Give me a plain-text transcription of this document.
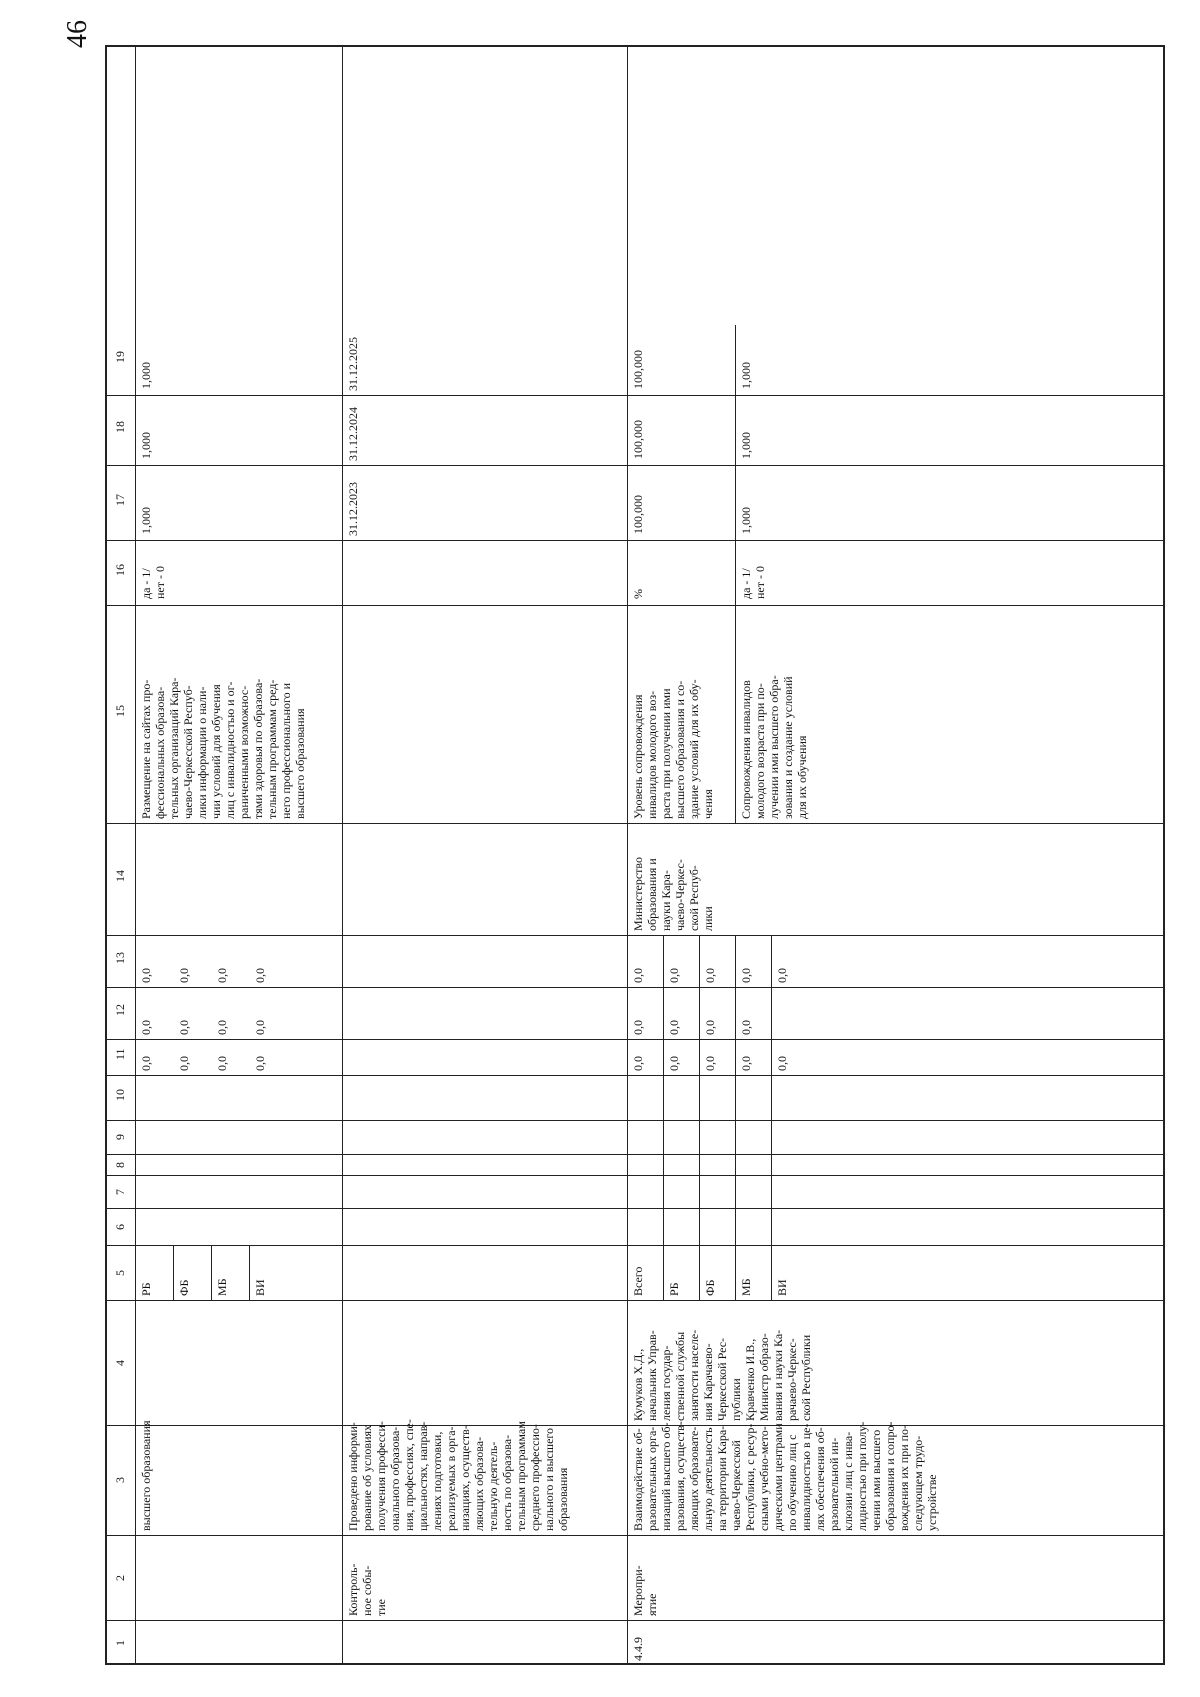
46
1
2
3
4
5
6
7
8
9
10
11
12
13
14
15
16
17
18
19
высшего образования
РБ
0,0
0,0
0,0
ФБ
0,0
0,0
0,0
МБ
0,0
0,0
0,0
ВИ
0,0
0,0
0,0
Размещение на сайтах про-
фессиональных образова-
тельных организаций Кара-
чаево-Черкесской Респуб-
лики информации о нали-
чии условий для обучения
лиц с инвалидностью и ог-
раниченными возможнос-
тями здоровья по образова-
тельным программам сред-
него профессионального и
высшего образования
да - 1/
нет - 0
1,000
1,000
1,000
Контроль-
ное собы-
тие
Проведено информи-
рование об условиях
получения професси-
онального образова-
ния, профессиях, спе-
циальностях, направ-
лениях подготовки,
реализуемых в орга-
низациях, осуществ-
ляющих образова-
тельную деятель-
ность по образова-
тельным программам
среднего профессио-
нального и высшего
образования
31.12.2023
31.12.2024
31.12.2025
4.4.9
Меропри-
ятие
Взаимодействие об-
разовательных орга-
низаций высшего об-
разования, осуществ-
ляющих образовате-
льную деятельность
на территории Кара-
чаево-Черкесской
Республики, с ресур-
сными учебно-мето-
дическими центрами
по обучению лиц с
инвалидностью в це-
лях обеспечения об-
разовательной ин-
клюзии лиц с инва-
лидностью при полу-
чении ими высшего
образования и сопро-
вождения их при по-
следующем трудо-
устройстве
Кумуков Х.Д.,
начальник Управ-
ления государ-
ственной службы
занятости населе-
ния Карачаево-
Черкесской Рес-
публики
Кравченко И.В.,
Министр образо-
вания и науки Ка-
рачаево-Черкес-
ской Республики
Всего
0,0
0,0
0,0
РБ
0,0
0,0
0,0
ФБ
0,0
0,0
0,0
МБ
0,0
0,0
0,0
ВИ
0,0
0,0
Министерство
образования и
науки Кара-
чаево-Черкес-
ской Респуб-
лики
Уровень сопровождения
инвалидов молодого воз-
раста при получении ими
высшего образования и со-
здание условий для их обу-
чения
%
100,000
100,000
100,000
Сопровождения инвалидов
молодого возраста при по-
лучении ими высшего обра-
зования и создание условий
для их обучения
да - 1/
нет - 0
1,000
1,000
1,000
